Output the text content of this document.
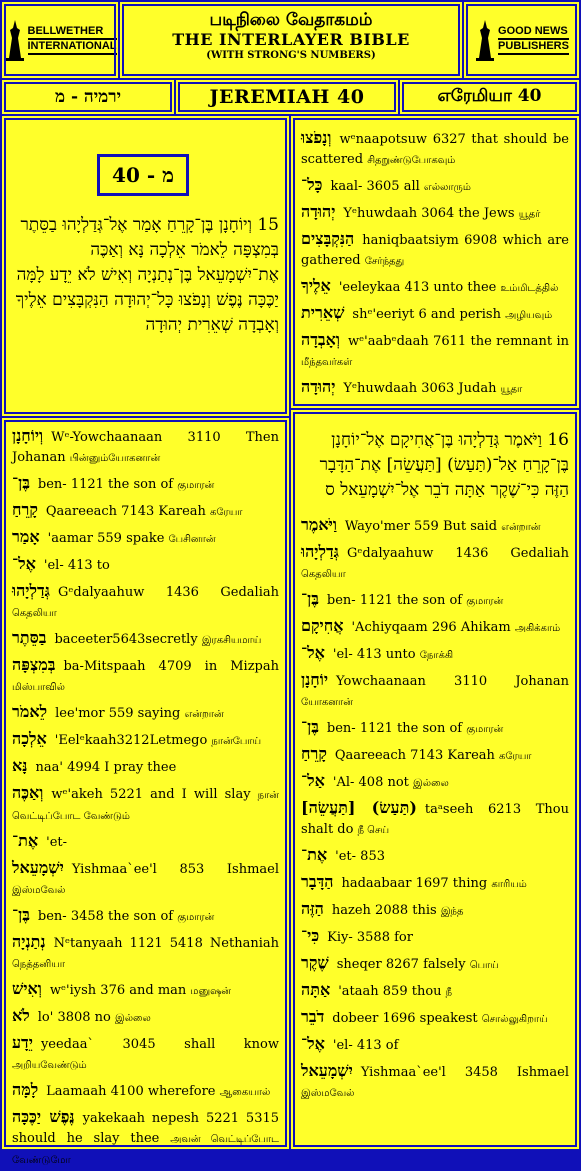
BELLWETHER
INTERNATIONAL
படிநிலை வேதாகமம்
THE INTERLAYER BIBLE
(WITH STRONG'S NUMBERS)
GOOD NEWS
PUBLISHERS
ירמיה - מ	JEREMIAH 40	எரேமியா 40
מ - 40
15 וְיוֹחָנָן בֶּן־קָרֵחַ אָמַר אֶל־גְּדַלְיָהוּ בַסֵּתֶר בְּמִצְפָּה לֵאמֹר אֵלְכָה נָּא וְאַכֶּה אֶת־יִשְׁמָעֵאל בֶּן־נְתַנְיָה וְאִישׁ לֹא יֵדָע לָמָּה יַכֶּכָּה נֶּפֶשׁ וְנָפֹצוּ כָּל־יְהוּדָה הַנִּקְבָּצִים אֵלֶיךָ וְאָבְדָה שְׁאֵרִית יְהוּדָה
וְיוֹחָנָן Wᵉ-Yowchaanaan 3110 Then Johanan பின்னும்யோகனான்
בֶּן־ ben- 1121 the son of குமாரன்
קָרֵחַ Qaareeach 7143 Kareah கரேயா
אָמַר 'aamar 559 spake பேசினான்
אֶל־ 'el- 413 to
גְּדַלְיָהוּ Gᵉdalyaahuw 1436 Gedaliah கெதலியா
בַסֵּתֶר baceeter5643secretly இரகசியமாய்
בְּמִצְפָּה ba-Mitspaah 4709 in Mizpah மிஸ்பாவில்
לֵאמֹר lee'mor 559 saying என்றான்
אֵלְכָה 'Eelᵉkaah3212Letmego நான்போய்
נָּא naa' 4994 I pray thee
וְאַכֶּה wᵉ'akeh 5221 and I will slay நான் வெட்டிப்போட வேண்டும்
אֶת־ 'et-
יִשְׁמָעֵאל Yishmaa`ee'l 853 Ishmael இஸ்மவேல்
בֶּן־ ben- 3458 the son of குமாரன்
נְתַנְיָה Nᵉtanyaah 1121 5418 Nethaniah நெத்தனியா
וְאִישׁ wᵉ'iysh 376 and man மனுஷன்
לֹא lo' 3808 no இல்லை
יֵדָע yeedaa` 3045 shall know அறியவேண்டும்
לָמָּה Laamaah 4100 wherefore ஆகையால்
נֶּפֶשׁ יַכֶּכָּה yakekaah nepesh 5221 5315 should he slay thee அவன் வெட்டிப்போட வேண்டுமோ
וְנָפֹצוּ wᵉnaapotsuw 6327 that should be scattered சிதறுண்டுபோகவும்
כָּל־ kaal- 3605 all எல்லாரும்
יְהוּדָה Yᵉhuwdaah 3064 the Jews யூதர்
הַנִּקְבָּצִים haniqbaatsiym 6908 which are gathered சேர்ந்தது
אֵלֶיךָ 'eeleykaa 413 unto thee உம்மிடத்தில்
שְׁאֵרִית shᵉ'eeriyt 6 and perish அழியவும்
וְאָבְדָה wᵉ'aabᵉdaah 7611 the remnant in மீந்தவர்கள்
יְהוּדָה Yᵉhuwdaah 3063 Judah யூதா
16 וַיֹּאמֶר גְּדַלְיָהוּ בֶּן־אֲחִיקָם אֶל־יוֹחָנָן בֶּן־קָרֵחַ אַל־(תַּעַשׂ) [תַּעֲשֵׂה] אֶת־הַדָּבָר הַזֶּה כִּי־שֶׁקֶר אַתָּה דֹבֵר אֶל־יִשְׁמָעֵאל ס
וַיֹּאמֶר Wayo'mer 559 But said என்றான்
גְּדַלְיָהוּ Gᵉdalyaahuw 1436 Gedaliah கெதலியா
בֶּן־ ben- 1121 the son of குமாரன்
אֲחִיקָם 'Achiyqaam 296 Ahikam அகிக்காம்
אֶל־ 'el- 413 unto நோக்கி
יוֹחָנָן Yowchaanaan 3110 Johanan யோகனான்
בֶּן־ ben- 1121 the son of குமாரன்
קָרֵחַ Qaareeach 7143 Kareah கரேயா
אַל־ 'Al- 408 not இல்லை
[תַּעֲשֵׂה] (תַּעַשׂ) taᵃseeh 6213 Thou shalt do நீ செய்
אֶת־ 'et- 853
הַדָּבָר hadaabaar 1697 thing காரியம்
הַזֶּה hazeh 2088 this இந்த
כִּי־ Kiy- 3588 for
שֶׁקֶר sheqer 8267 falsely பொய்
אַתָּה 'ataah 859 thou நீ
דֹבֵר dobeer 1696 speakest சொல்லுகிறாய்
אֶל־ 'el- 413 of
יִשְׁמָעֵאל Yishmaa`ee'l 3458 Ishmael இஸ்மவேல்
